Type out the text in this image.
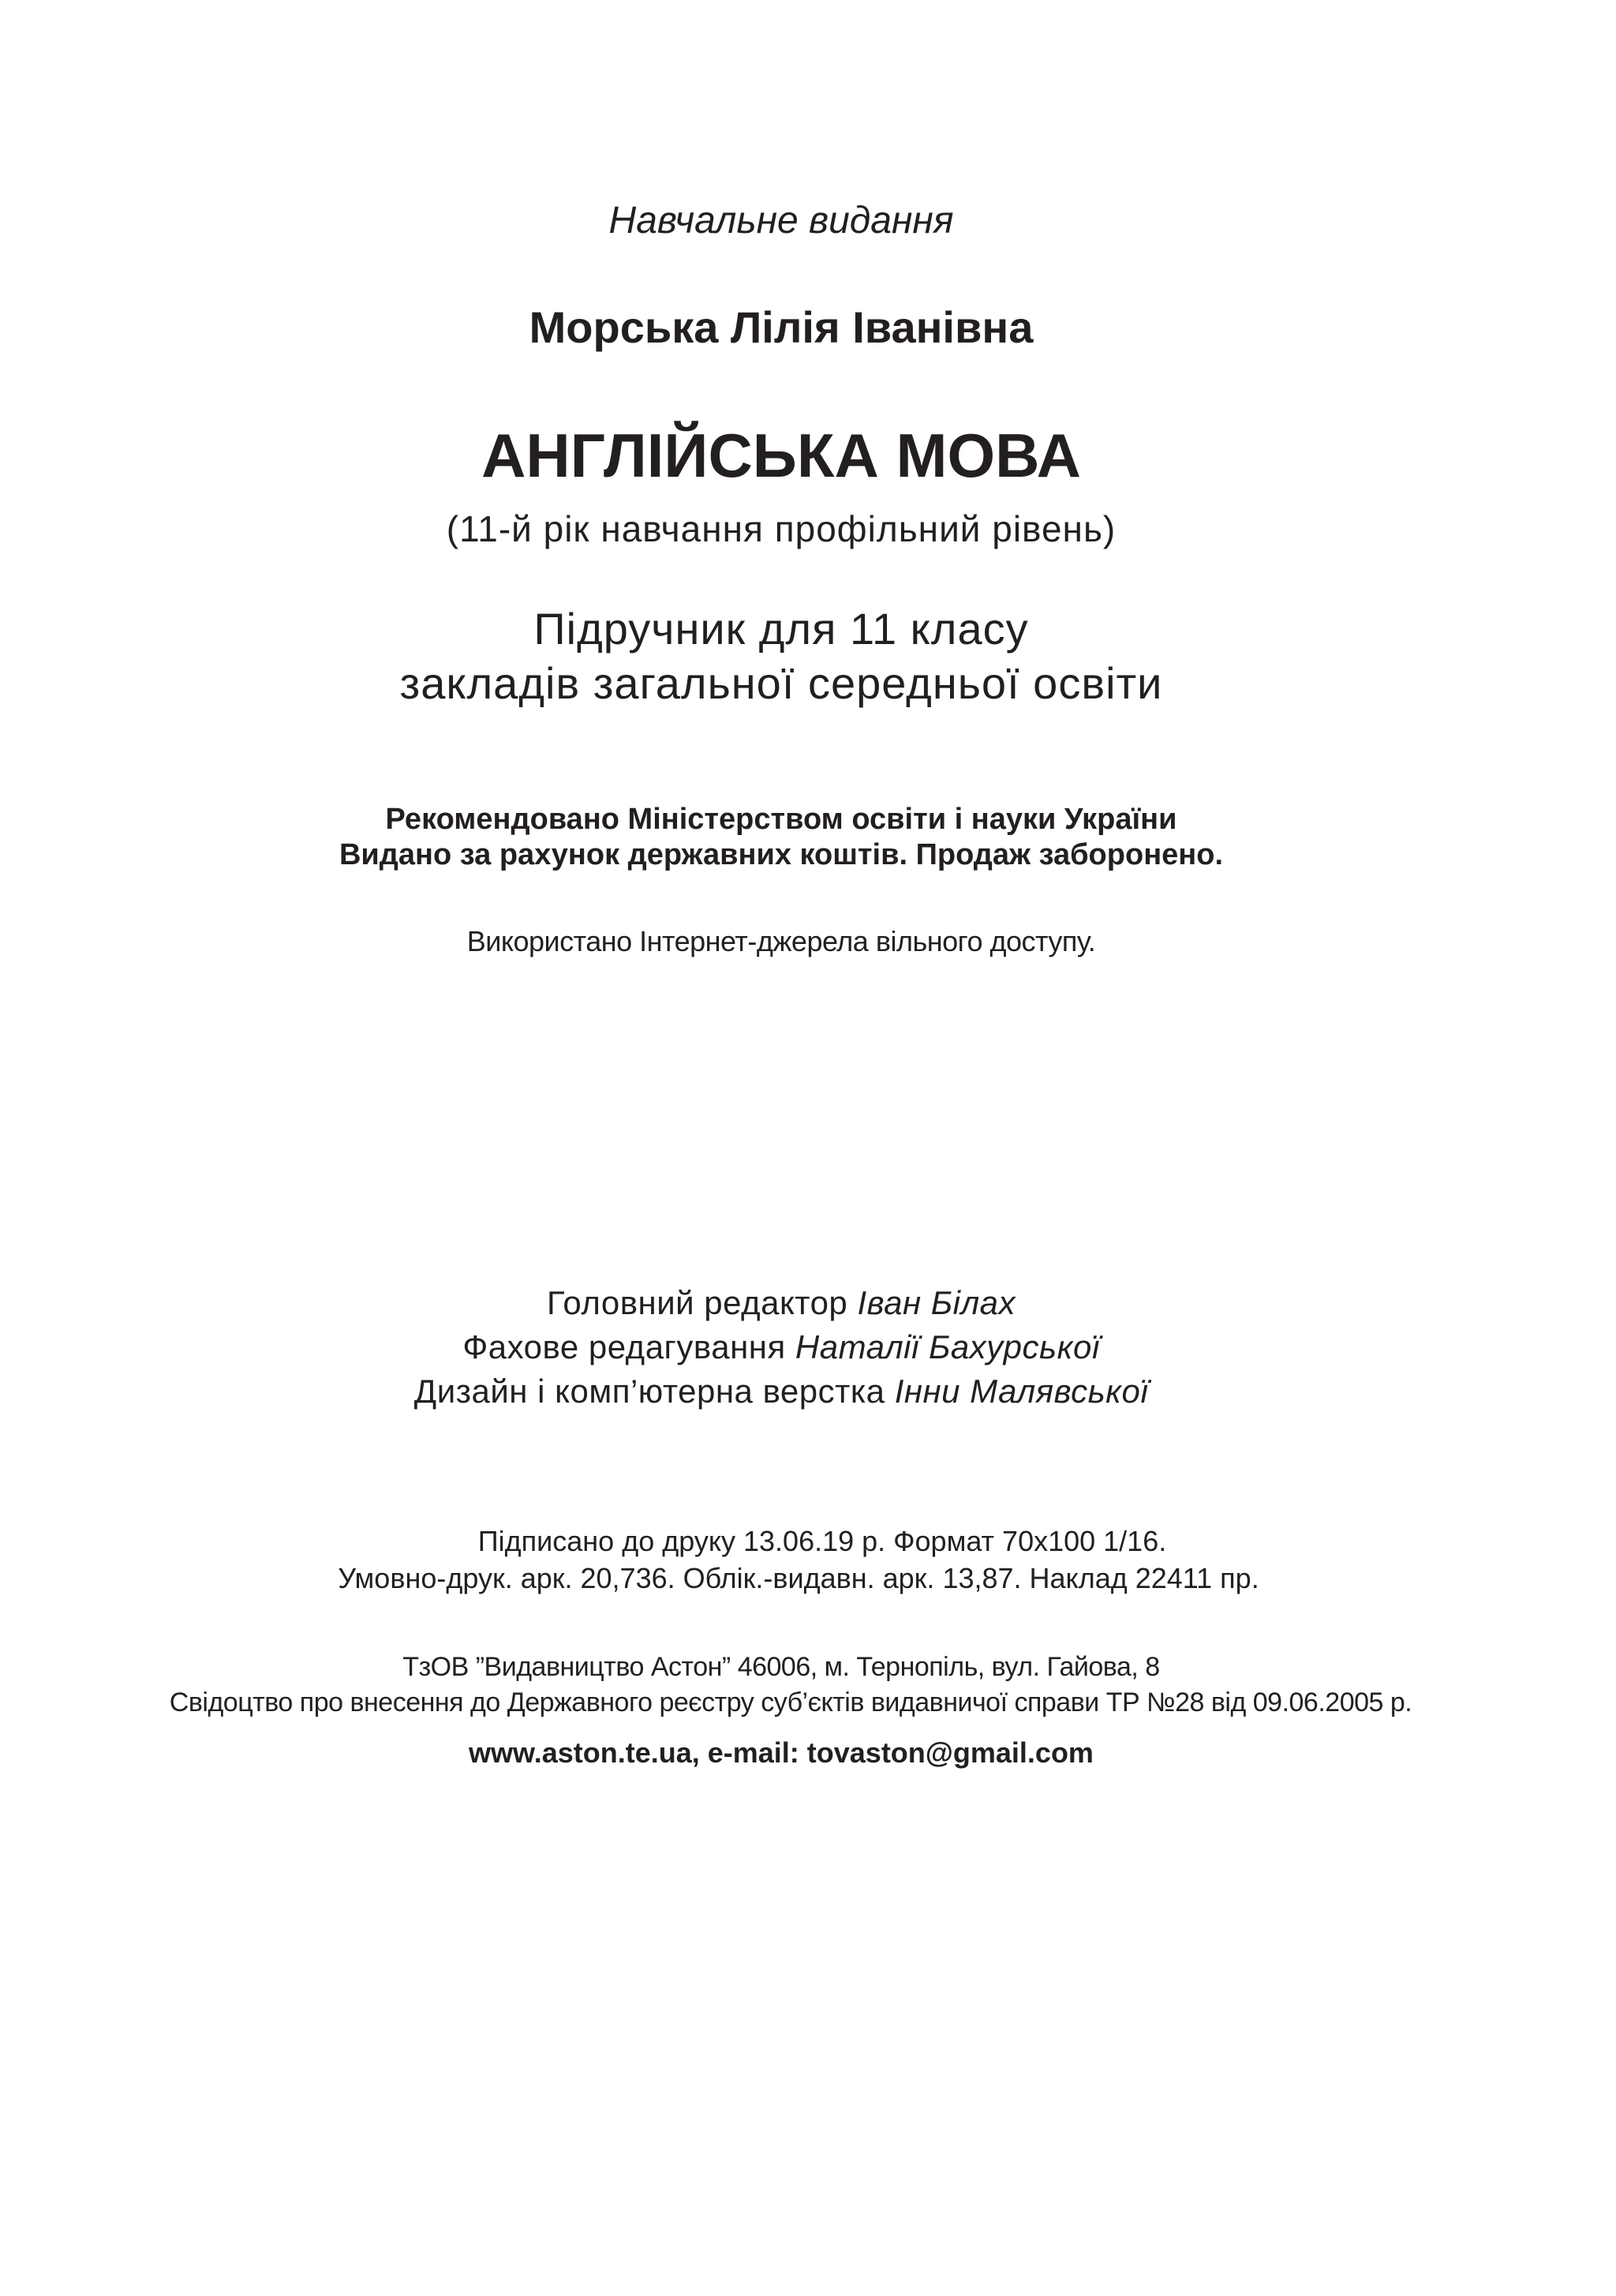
Навчальне видання
Морська Лілія Іванівна
АНГЛІЙСЬКА МОВА
(11-й рік навчання профільний рівень)
Підручник для 11 класу
закладів загальної середньої освіти
Рекомендовано Міністерством освіти і науки України
Видано за рахунок державних коштів. Продаж заборонено.
Використано Інтернет-джерела вільного доступу.
Головний редактор Іван Білах
Фахове редагування Наталії Бахурської
Дизайн і комп’ютерна верстка Інни Малявської
Підписано до друку 13.06.19 р. Формат 70х100 1/16.
Умовно-друк. арк. 20,736. Облік.-видавн. арк. 13,87. Наклад 22411 пр.
ТзОВ ”Видавництво Астон” 46006, м. Тернопіль, вул. Гайова, 8
Свідоцтво про внесення до Державного реєстру суб’єктів видавничої справи ТР №28 від 09.06.2005 р.
www.aston.te.ua, e-mail: tovaston@gmail.com
